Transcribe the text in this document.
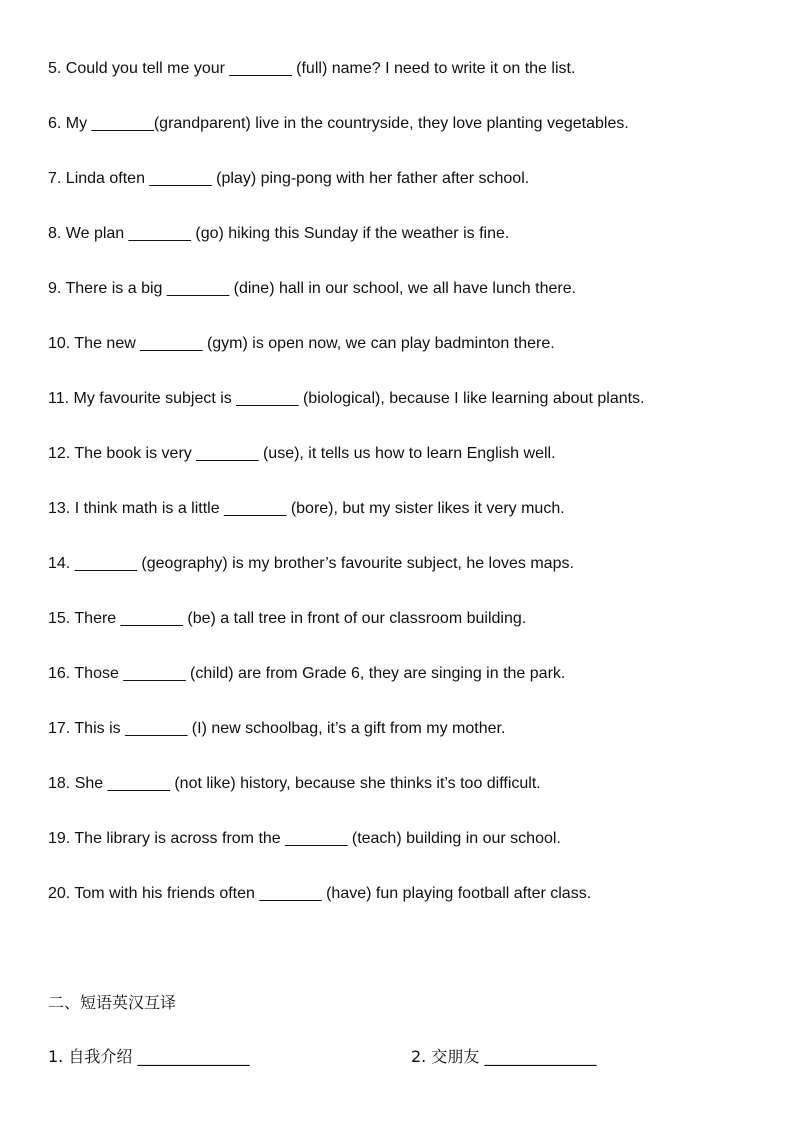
5. Could you tell me your _______ (full) name? I need to write it on the list.
6. My _______(grandparent) live in the countryside, they love planting vegetables.
7. Linda often _______ (play) ping-pong with her father after school.
8. We plan _______ (go) hiking this Sunday if the weather is fine.
9. There is a big _______ (dine) hall in our school, we all have lunch there.
10. The new _______ (gym) is open now, we can play badminton there.
11. My favourite subject is _______ (biological), because I like learning about plants.
12. The book is very _______ (use), it tells us how to learn English well.
13. I think math is a little _______ (bore), but my sister likes it very much.
14. _______ (geography) is my brother’s favourite subject, he loves maps.
15. There _______ (be) a tall tree in front of our classroom building.
16. Those _______ (child) are from Grade 6, they are singing in the park.
17. This is _______ (I) new schoolbag, it’s a gift from my mother.
18. She _______ (not like) history, because she thinks it’s too difficult.
19. The library is across from the _______ (teach) building in our school.
20. Tom with his friends often _______ (have) fun playing football after class.
二、短语英汉互译
1. 自我介绍 ______________	2. 交朋友 ______________
